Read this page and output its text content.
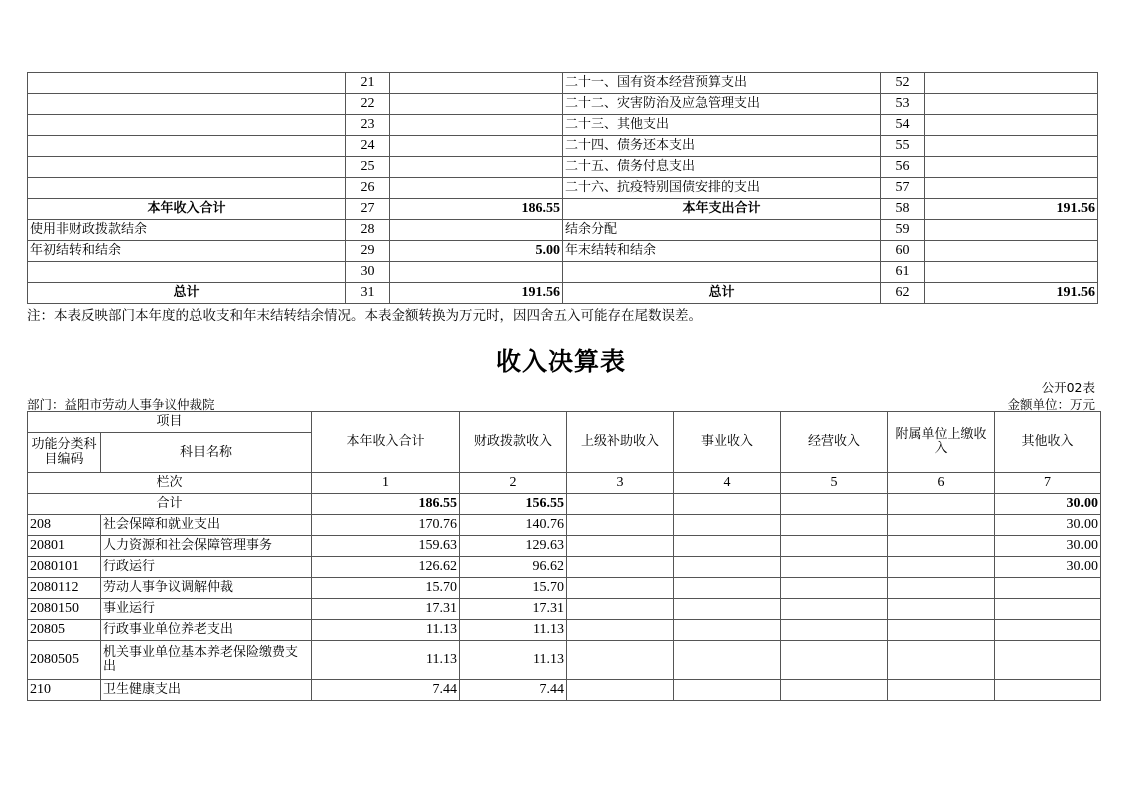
	21		二十一、国有资本经营预算支出	52	
	22		二十二、灾害防治及应急管理支出	53	
	23		二十三、其他支出	54	
	24		二十四、债务还本支出	55	
	25		二十五、债务付息支出	56	
	26		二十六、抗疫特别国债安排的支出	57	
本年收入合计	27	186.55	本年支出合计	58	191.56
使用非财政拨款结余	28		结余分配	59	
年初结转和结余	29	5.00	年末结转和结余	60	
	30			61	
总计	31	191.56	总计	62	191.56
注：本表反映部门本年度的总收支和年末结转结余情况。本表金额转换为万元时，因四舍五入可能存在尾数误差。
收入决算表
公开02表
部门：益阳市劳动人事争议仲裁院	金额单位：万元
项目		本年收入合计	财政拨款收入	上级补助收入	事业收入	经营收入	附属单位上缴收入	其他收入
功能分类科目编码	科目名称							
栏次		1	2	3	4	5	6	7
合计		186.55	156.55					30.00
208	社会保障和就业支出	170.76	140.76					30.00
20801	人力资源和社会保障管理事务	159.63	129.63					30.00
2080101	行政运行	126.62	96.62					30.00
2080112	劳动人事争议调解仲裁	15.70	15.70					
2080150	事业运行	17.31	17.31					
20805	行政事业单位养老支出	11.13	11.13					
2080505	机关事业单位基本养老保险缴费支出	11.13	11.13					
210	卫生健康支出	7.44	7.44					
